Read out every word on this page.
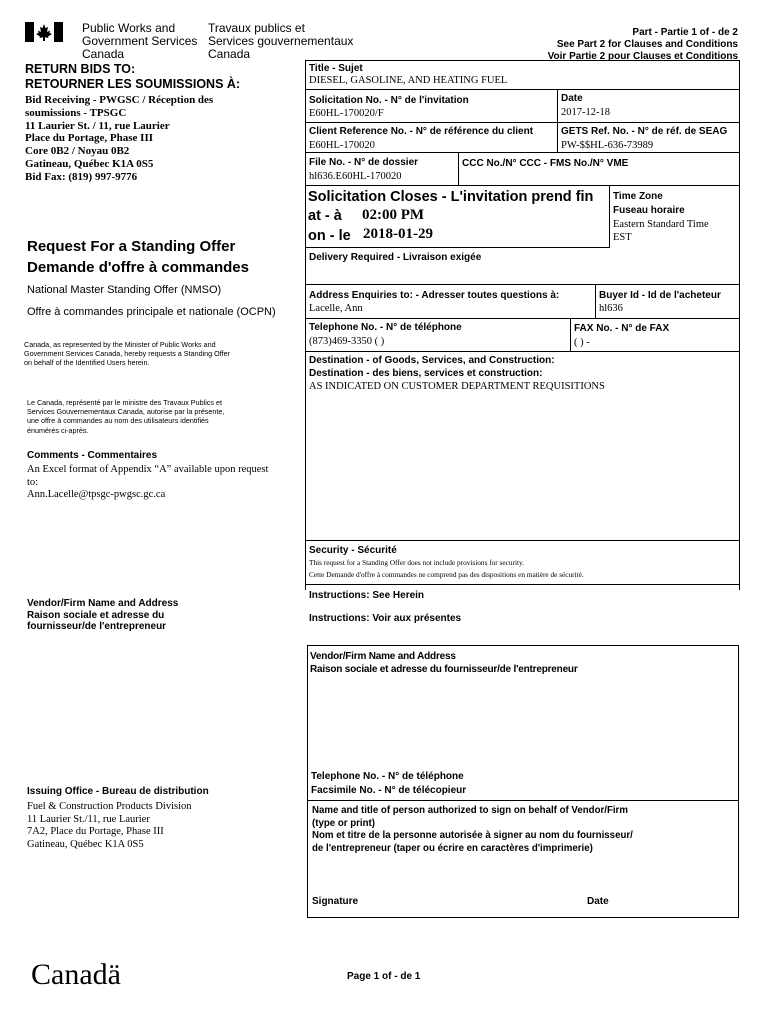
Public Works and
Government Services
Canada
Travaux publics et
Services gouvernementaux
Canada
Part - Partie 1 of - de 2
See Part 2 for Clauses and Conditions
Voir Partie 2 pour Clauses et Conditions
RETURN BIDS TO:
RETOURNER LES SOUMISSIONS À:
Bid Receiving - PWGSC / Réception des
soumissions - TPSGC
11 Laurier St. / 11, rue Laurier
Place du Portage, Phase III
Core 0B2 / Noyau 0B2
Gatineau, Québec K1A 0S5
Bid Fax: (819) 997-9776
Request For a Standing Offer
Demande d'offre à commandes
National Master Standing Offer (NMSO)
Offre à commandes principale et nationale (OCPN)
Canada, as represented by the Minister of Public Works and
Government Services Canada, hereby requests a Standing Offer
on behalf of the Identified Users herein.
Le Canada, représenté par le ministre des Travaux Publics et
Services Gouvernementaux Canada, autorise par la présente,
une offre à commandes au nom des utilisateurs identifiés
énumérés ci-après.
Comments - Commentaires
An Excel format of Appendix “A” available upon request
to:
Ann.Lacelle@tpsgc-pwgsc.gc.ca
Vendor/Firm Name and Address
Raison sociale et adresse du
fournisseur/de l'entrepreneur
Issuing Office - Bureau de distribution
Fuel & Construction Products Division
11 Laurier St./11, rue Laurier
7A2, Place du Portage, Phase III
Gatineau, Québec K1A 0S5
Title - Sujet
DIESEL, GASOLINE, AND HEATING FUEL
Solicitation No. - N° de l'invitation
E60HL-170020/F
Date
2017-12-18
Client Reference No. - N° de référence du client
E60HL-170020
GETS Ref. No. - N° de réf. de SEAG
PW-$$HL-636-73989
File No. - N° de dossier
hl636.E60HL-170020
CCC No./N° CCC - FMS No./N° VME
Solicitation Closes - L'invitation prend fin
at - à 02:00 PM
on - le 2018-01-29
Time Zone
Fuseau horaire
Eastern Standard Time
EST
Delivery Required - Livraison exigée
Address Enquiries to: - Adresser toutes questions à:
Lacelle, Ann
Buyer Id - Id de l'acheteur
hl636
Telephone No. - N° de téléphone
(873)469-3350 ( )
FAX No. - N° de FAX
( ) -
Destination - of Goods, Services, and Construction:
Destination - des biens, services et construction:
AS INDICATED ON CUSTOMER DEPARTMENT REQUISITIONS
Security - Sécurité
This request for a Standing Offer does not include provisions for security.
Cette Demande d'offre à commandes ne comprend pas des dispositions en matière de sécurité.
Instructions: See Herein
Instructions: Voir aux présentes
Vendor/Firm Name and Address
Raison sociale et adresse du fournisseur/de l'entrepreneur
Telephone No. - N° de téléphone
Facsimile No. - N° de télécopieur
Name and title of person authorized to sign on behalf of Vendor/Firm
(type or print)
Nom et titre de la personne autorisée à signer au nom du fournisseur/
de l'entrepreneur (taper ou écrire en caractères d'imprimerie)
Signature	Date
Canadä	Page 1 of - de 1
